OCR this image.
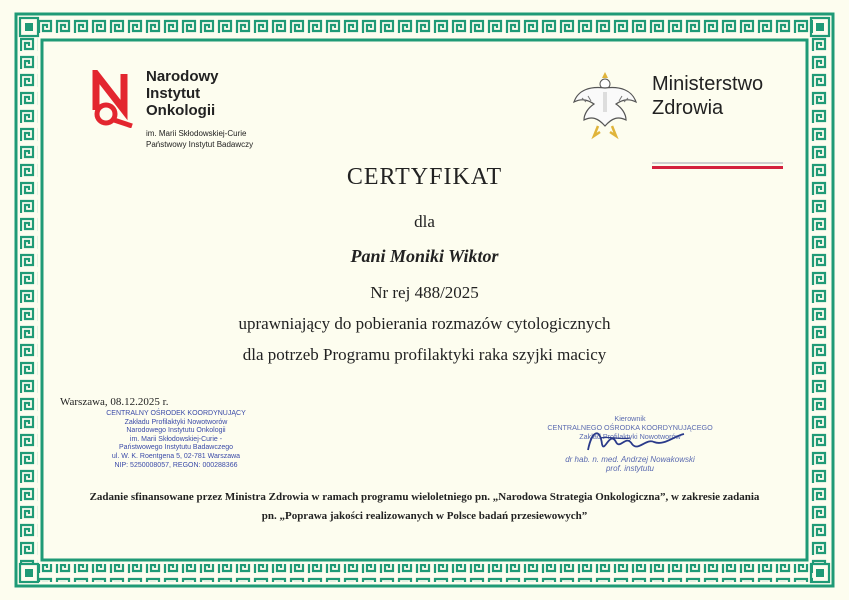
Narodowy
Instytut
Onkologii
im. Marii Skłodowskiej-Curie
Państwowy Instytut Badawczy
Ministerstwo
Zdrowia
CERTYFIKAT
dla
Pani Moniki Wiktor
Nr rej 488/2025
uprawniający do pobierania rozmazów cytologicznych
dla potrzeb Programu profilaktyki raka szyjki macicy
Warszawa, 08.12.2025 r.
CENTRALNY OŚRODEK KOORDYNUJĄCY
Zakładu Profilaktyki Nowotworów
Narodowego Instytutu Onkologii
im. Marii Skłodowskiej-Curie -
Państwowego Instytutu Badawczego
ul. W. K. Roentgena 5, 02-781 Warszawa
NIP: 5250008057, REGON: 000288366
Kierownik
CENTRALNEGO OŚRODKA KOORDYNUJĄCEGO
Zakład Profilaktyki Nowotworów
dr hab. n. med. Andrzej Nowakowski
prof. instytutu
Zadanie sfinansowane przez Ministra Zdrowia w ramach programu wieloletniego pn. „Narodowa Strategia Onkologiczna”, w zakresie zadania
pn. „Poprawa jakości realizowanych w Polsce badań przesiewowych”
